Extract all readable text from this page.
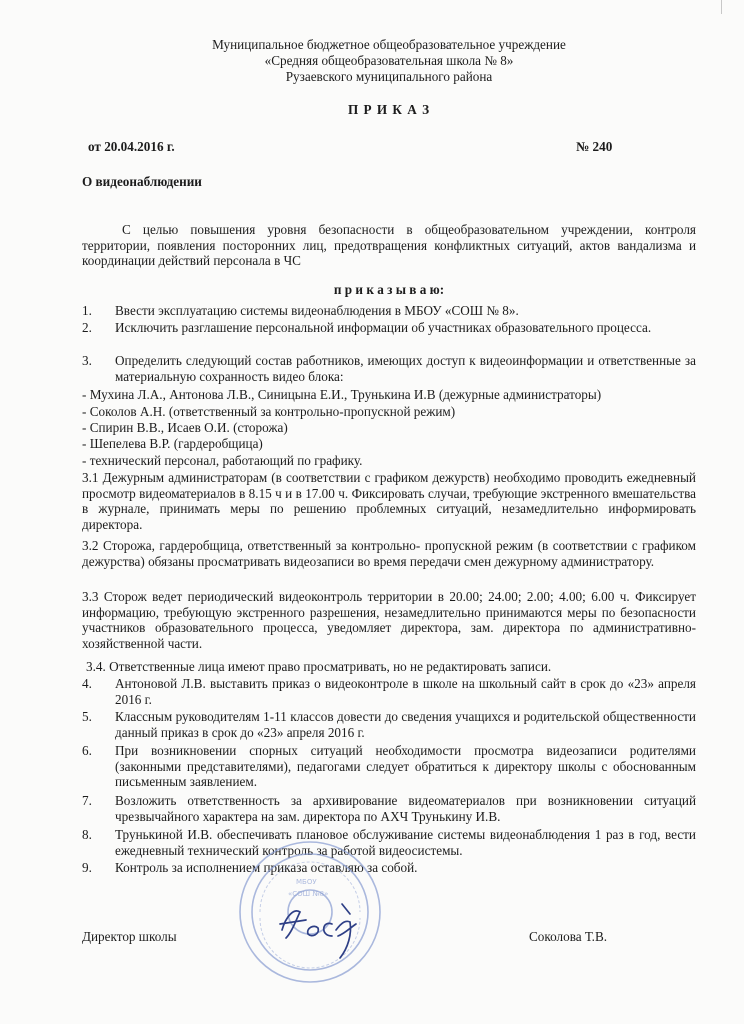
Муниципальное бюджетное общеобразовательное учреждение
«Средняя общеобразовательная школа № 8»
Рузаевского муниципального района
П Р И К А З
от 20.04.2016 г.	№ 240
О видеонаблюдении
С целью повышения уровня безопасности в общеобразовательном учреждении, контроля территории, появления посторонних лиц, предотвращения конфликтных ситуаций, актов вандализма и координации действий персонала в ЧС
п р и к а з ы в а ю:
1. Ввести эксплуатацию системы видеонаблюдения в МБОУ «СОШ № 8».
2. Исключить разглашение персональной информации об участниках образовательного процесса.
3. Определить следующий состав работников, имеющих доступ к видеоинформации и ответственные за материальную сохранность видео блока:
- Мухина Л.А., Антонова Л.В., Синицына Е.И., Трунькина И.В (дежурные администраторы)
- Соколов А.Н. (ответственный за контрольно-пропускной режим)
- Спирин В.В., Исаев О.И. (сторожа)
- Шепелева В.Р. (гардеробщица)
- технический персонал, работающий по графику.
3.1 Дежурным администраторам (в соответствии с графиком дежурств) необходимо проводить ежедневный просмотр видеоматериалов в 8.15 ч и в 17.00 ч. Фиксировать случаи, требующие экстренного вмешательства в журнале, принимать меры по решению проблемных ситуаций, незамедлительно информировать директора.
3.2 Сторожа, гардеробщица, ответственный за контрольно- пропускной режим (в соответствии с графиком дежурства) обязаны просматривать видеозаписи во время передачи смен дежурному администратору.
3.3 Сторож ведет периодический видеоконтроль территории в 20.00; 24.00; 2.00; 4.00; 6.00 ч. Фиксирует информацию, требующую экстренного разрешения, незамедлительно принимаются меры по безопасности участников образовательного процесса, уведомляет директора, зам. директора по административно-хозяйственной части.
3.4. Ответственные лица имеют право просматривать, но не редактировать записи.
4. Антоновой Л.В. выставить приказ о видеоконтроле в школе на школьный сайт в срок до «23» апреля 2016 г.
5. Классным руководителям 1-11 классов довести до сведения учащихся и родительской общественности данный приказ в срок до «23» апреля 2016 г.
6. При возникновении спорных ситуаций необходимости просмотра видеозаписи родителями (законными представителями), педагогами следует обратиться к директору школы с обоснованным письменным заявлением.
7. Возложить ответственность за архивирование видеоматериалов при возникновении ситуаций чрезвычайного характера на зам. директора по АХЧ Трунькину И.В.
8. Трунькиной И.В. обеспечивать плановое обслуживание системы видеонаблюдения 1 раз в год, вести ежедневный технический контроль за работой видеосистемы.
9. Контроль за исполнением приказа оставляю за собой.
МБОУ
«СОШ №8»
Директор школы	Соколова Т.В.
